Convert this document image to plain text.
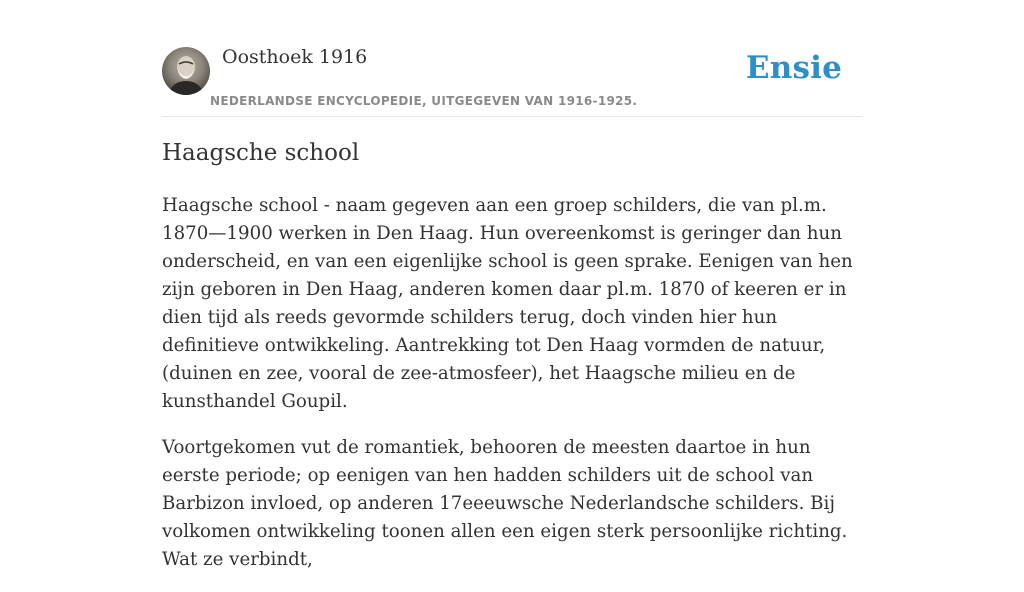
Oosthoek 1916
NEDERLANDSE ENCYCLOPEDIE, UITGEGEVEN VAN 1916-1925.
Ensie
Haagsche school

Haagsche school - naam gegeven aan een groep schilders, die van pl.m. 1870—1900 werken in Den Haag. Hun overeenkomst is geringer dan hun onderscheid, en van een eigenlijke school is geen sprake. Eenigen van hen zijn geboren in Den Haag, anderen komen daar pl.m. 1870 of keeren er in dien tijd als reeds gevormde schilders terug, doch vinden hier hun definitieve ontwikkeling. Aantrekking tot Den Haag vormden de natuur, (duinen en zee, vooral de zee-atmosfeer), het Haagsche milieu en de kunsthandel Goupil.

Voortgekomen vut de romantiek, behooren de meesten daartoe in hun eerste periode; op eenigen van hen hadden schilders uit de school van Barbizon invloed, op anderen 17eeeuwsche Nederlandsche schilders. Bij volkomen ontwikkeling toonen allen een eigen sterk persoonlijke richting. Wat ze verbindt,
